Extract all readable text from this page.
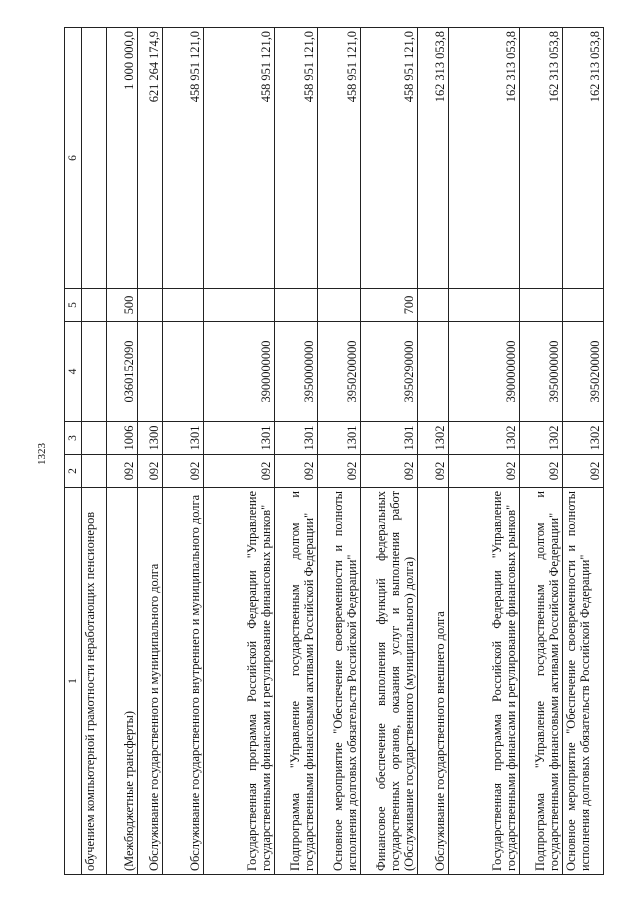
1323
1	2	3	4	5	6
обучением компьютерной грамотности неработающих пенсионеров					
(Межбюджетные трансферты)	092	1006	0360152090	500	1 000 000,0
Обслуживание государственного и муниципального долга	092	1300			621 264 174,9
Обслуживание государственного внутреннего и муниципального долга	092	1301			458 951 121,0
Государственная программа Российской Федерации "Управление государственными финансами и регулирование финансовых рынков"	092	1301	3900000000		458 951 121,0
Подпрограмма "Управление государственным долгом и государственными финансовыми активами Российской Федерации"	092	1301	3950000000		458 951 121,0
Основное мероприятие "Обеспечение своевременности и полноты исполнения долговых обязательств Российской Федерации"	092	1301	3950200000		458 951 121,0
Финансовое обеспечение выполнения функций федеральных государственных органов, оказания услуг и выполнения работ (Обслуживание государственного (муниципального) долга)	092	1301	3950290000	700	458 951 121,0
Обслуживание государственного внешнего долга	092	1302			162 313 053,8
Государственная программа Российской Федерации "Управление государственными финансами и регулирование финансовых рынков"	092	1302	3900000000		162 313 053,8
Подпрограмма "Управление государственным долгом и государственными финансовыми активами Российской Федерации"	092	1302	3950000000		162 313 053,8
Основное мероприятие "Обеспечение своевременности и полноты исполнения долговых обязательств Российской Федерации"	092	1302	3950200000		162 313 053,8
